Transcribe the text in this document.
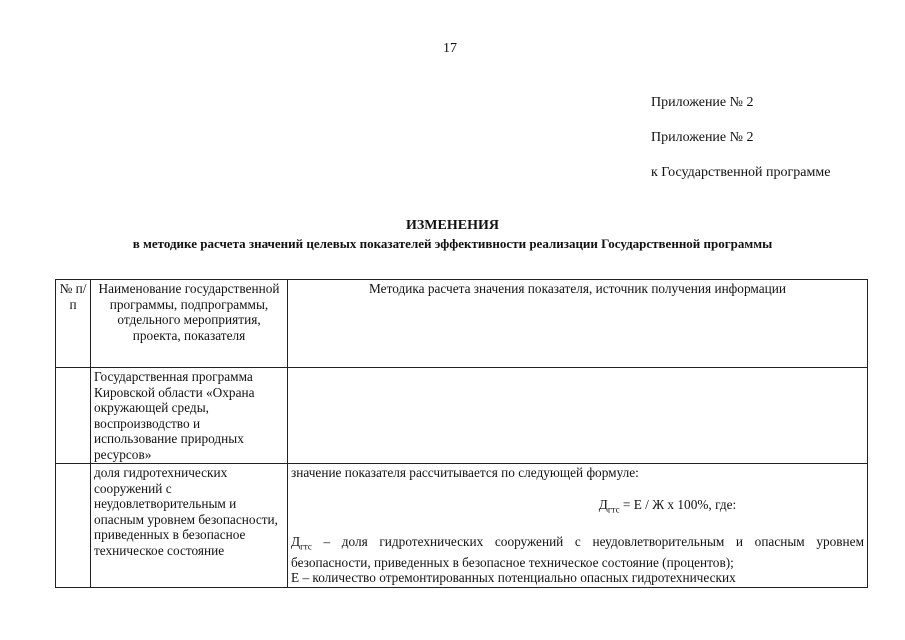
17
Приложение № 2
Приложение № 2
к Государственной программе
ИЗМЕНЕНИЯ
в методике расчета значений целевых показателей эффективности реализации Государственной программы
№ п/п	Наименование государственной программы, подпрограммы, отдельного мероприятия, проекта, показателя	Методика расчета значения показателя, источник получения информации
	Государственная программа Кировской области «Охрана окружающей среды, воспроизводство и использование природных ресурсов»	
	доля гидротехнических сооружений с неудовлетворительным и опасным уровнем безопасности, приведенных в безопасное техническое состояние	значение показателя рассчитывается по следующей формуле:
$Д_{гтс} = Е / Ж$ х 100%, где:
$Д_{гтс}$ – доля гидротехнических сооружений с неудовлетворительным и опасным уровнем безопасности, приведенных в безопасное техническое состояние (процентов);
Е – количество отремонтированных потенциально опасных гидротехнических
